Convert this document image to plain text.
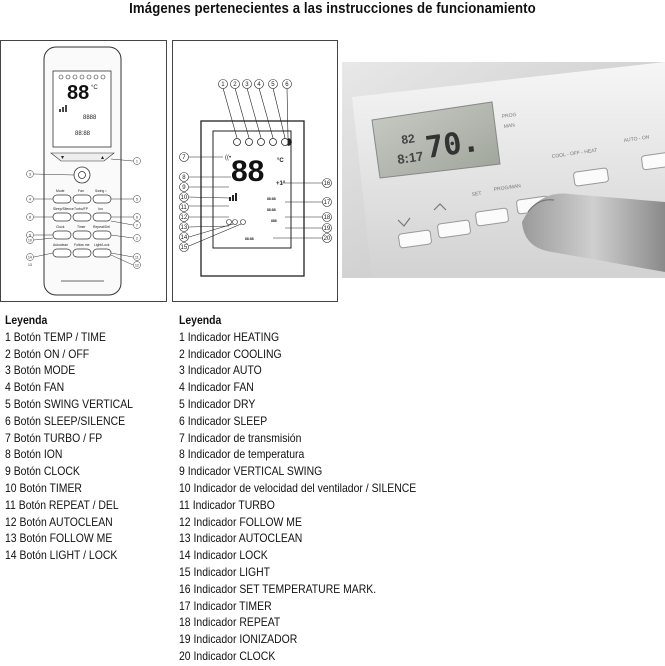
Imágenes pertenecientes a las instrucciones de funcionamiento
88 °C
8888
88:88
▾	▴
Mode	Fan	Swing ↕
Sleep/Silence Turbo/FP	Ion
Clock	Timer Repeat/Del
Autoclean Follow me Light/Lock
1
5
6
7
2
11
12
3
4
8
9
10
14
13
1 2 3 4 5 6
88 °C
+1°
((•
88:88
88:88
888
88:88
7
8
9
10
11
12
13
14
15
16
17
18
19
20
70.
82
8:17
PROG
MAN
COOL - OFF - HEAT
AUTO - ON
SET
PROG/MAN
Leyenda
1 Botón TEMP / TIME
2 Botón ON / OFF
3 Botón MODE
4 Botón FAN
5 Botón SWING VERTICAL
6 Botón SLEEP/SILENCE
7 Botón TURBO / FP
8 Botón ION
9 Botón CLOCK
10 Botón TIMER
11 Botón REPEAT / DEL
12 Botón AUTOCLEAN
13 Botón FOLLOW ME
14 Botón LIGHT / LOCK
Leyenda
1 Indicador HEATING
2 Indicador COOLING
3 Indicador AUTO
4 Indicador FAN
5 Indicador DRY
6 Indicador SLEEP
7 Indicador de transmisión
8 Indicador de temperatura
9 Indicador VERTICAL SWING
10 Indicador de velocidad del ventilador / SILENCE
11 Indicador TURBO
12 Indicador FOLLOW ME
13 Indicador AUTOCLEAN
14 Indicador LOCK
15 Indicador LIGHT
16 Indicador SET TEMPERATURE MARK.
17 Indicador TIMER
18 Indicador REPEAT
19 Indicador IONIZADOR
20 Indicador CLOCK
